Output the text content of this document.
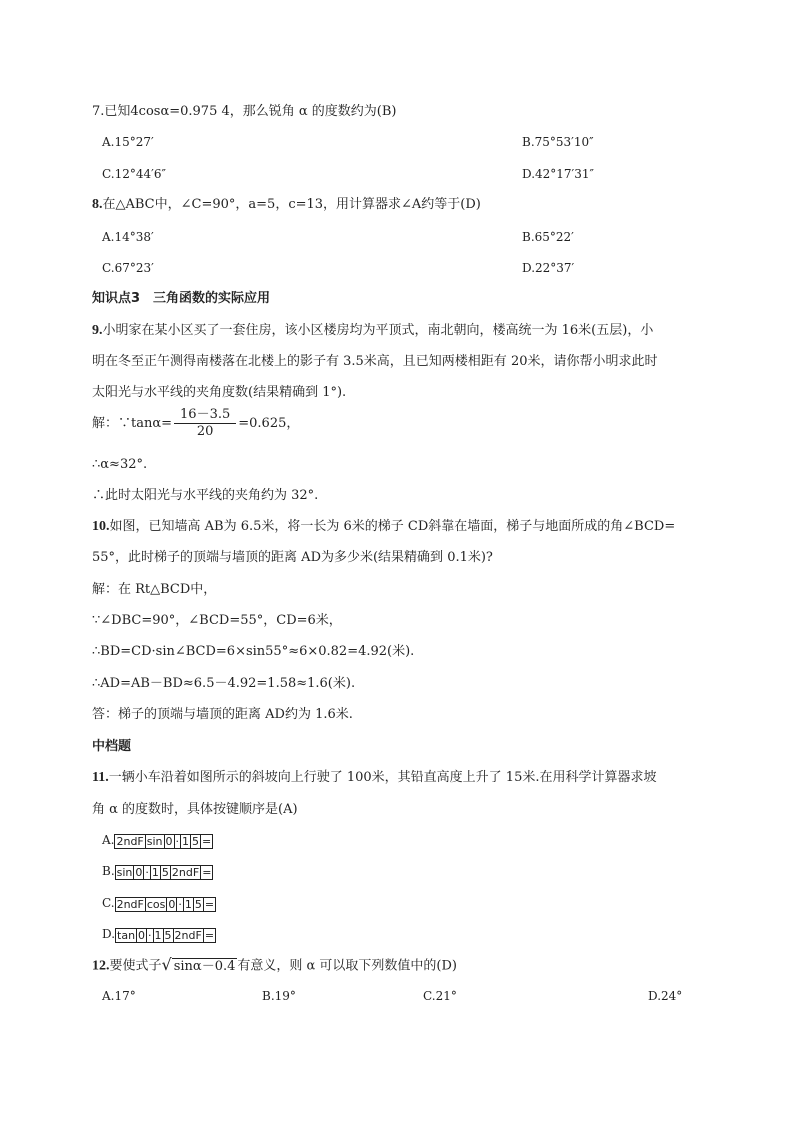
7.已知4cosα=0.975 4，那么锐角 α 的度数约为(B)
A.15°27′	B.75°53′10″
C.12°44′6″	D.42°17′31″
8.在△ABC中，∠C=90°，a=5，c=13，用计算器求∠A约等于(D)
A.14°38′	B.65°22′
C.67°23′	D.22°37′
知识点3　三角函数的实际应用
9.小明家在某小区买了一套住房，该小区楼房均为平顶式，南北朝向，楼高统一为 16米(五层)，小
明在冬至正午测得南楼落在北楼上的影子有 3.5米高，且已知两楼相距有 20米，请你帮小明求此时
太阳光与水平线的夹角度数(结果精确到 1°).
解：∵tanα= $\frac{16-3.5}{20} =0.625$，
∴α≈32°.
∴此时太阳光与水平线的夹角约为 32°.
10.如图，已知墙高 AB为 6.5米，将一长为 6米的梯子 CD斜靠在墙面，梯子与地面所成的角∠BCD=
55°，此时梯子的顶端与墙顶的距离 AD为多少米(结果精确到 0.1米)?
解：在 Rt△BCD中，
∵∠DBC=90°，∠BCD=55°，CD=6米，
∴BD=CD·sin∠BCD=6×sin55°≈6×0.82=4.92(米).
∴AD=AB－BD≈6.5－4.92=1.58≈1.6(米).
答：梯子的顶端与墙顶的距离 AD约为 1.6米.
中档题
11.一辆小车沿着如图所示的斜坡向上行驶了 100米，其铅直高度上升了 15米.在用科学计算器求坡
角 α 的度数时，具体按键顺序是(A)
A. 2ndF sin 0 · 1 5 =
B. sin 0 · 1 5 2ndF =
C. 2ndF cos 0 · 1 5 =
D. tan 0 · 1 5 2ndF =
12.要使式子√ sinα－0.4 有意义，则 α 可以取下列数值中的(D)
A.17°	B.19°	C.21°	D.24°
